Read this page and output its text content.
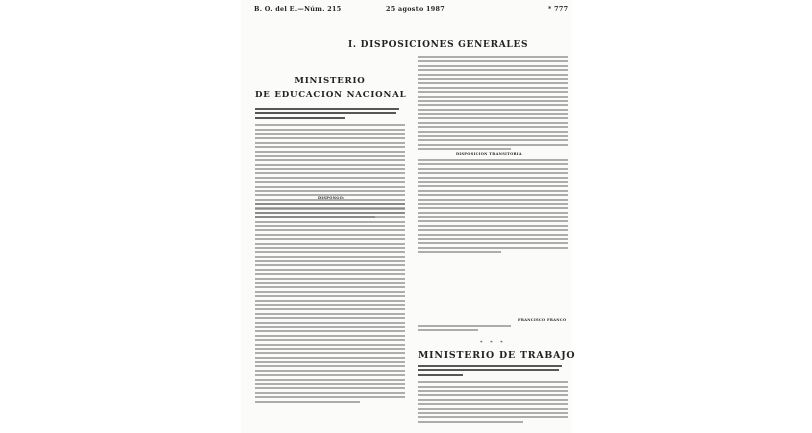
B. O. del E.—Núm. 215	25 agosto 1987	* 777
I. DISPOSICIONES GENERALES
MINISTERIO
DE EDUCACION NACIONAL
DISPONGO:
DISPOSICION TRANSITORIA
FRANCISCO FRANCO
* * *
MINISTERIO DE TRABAJO
